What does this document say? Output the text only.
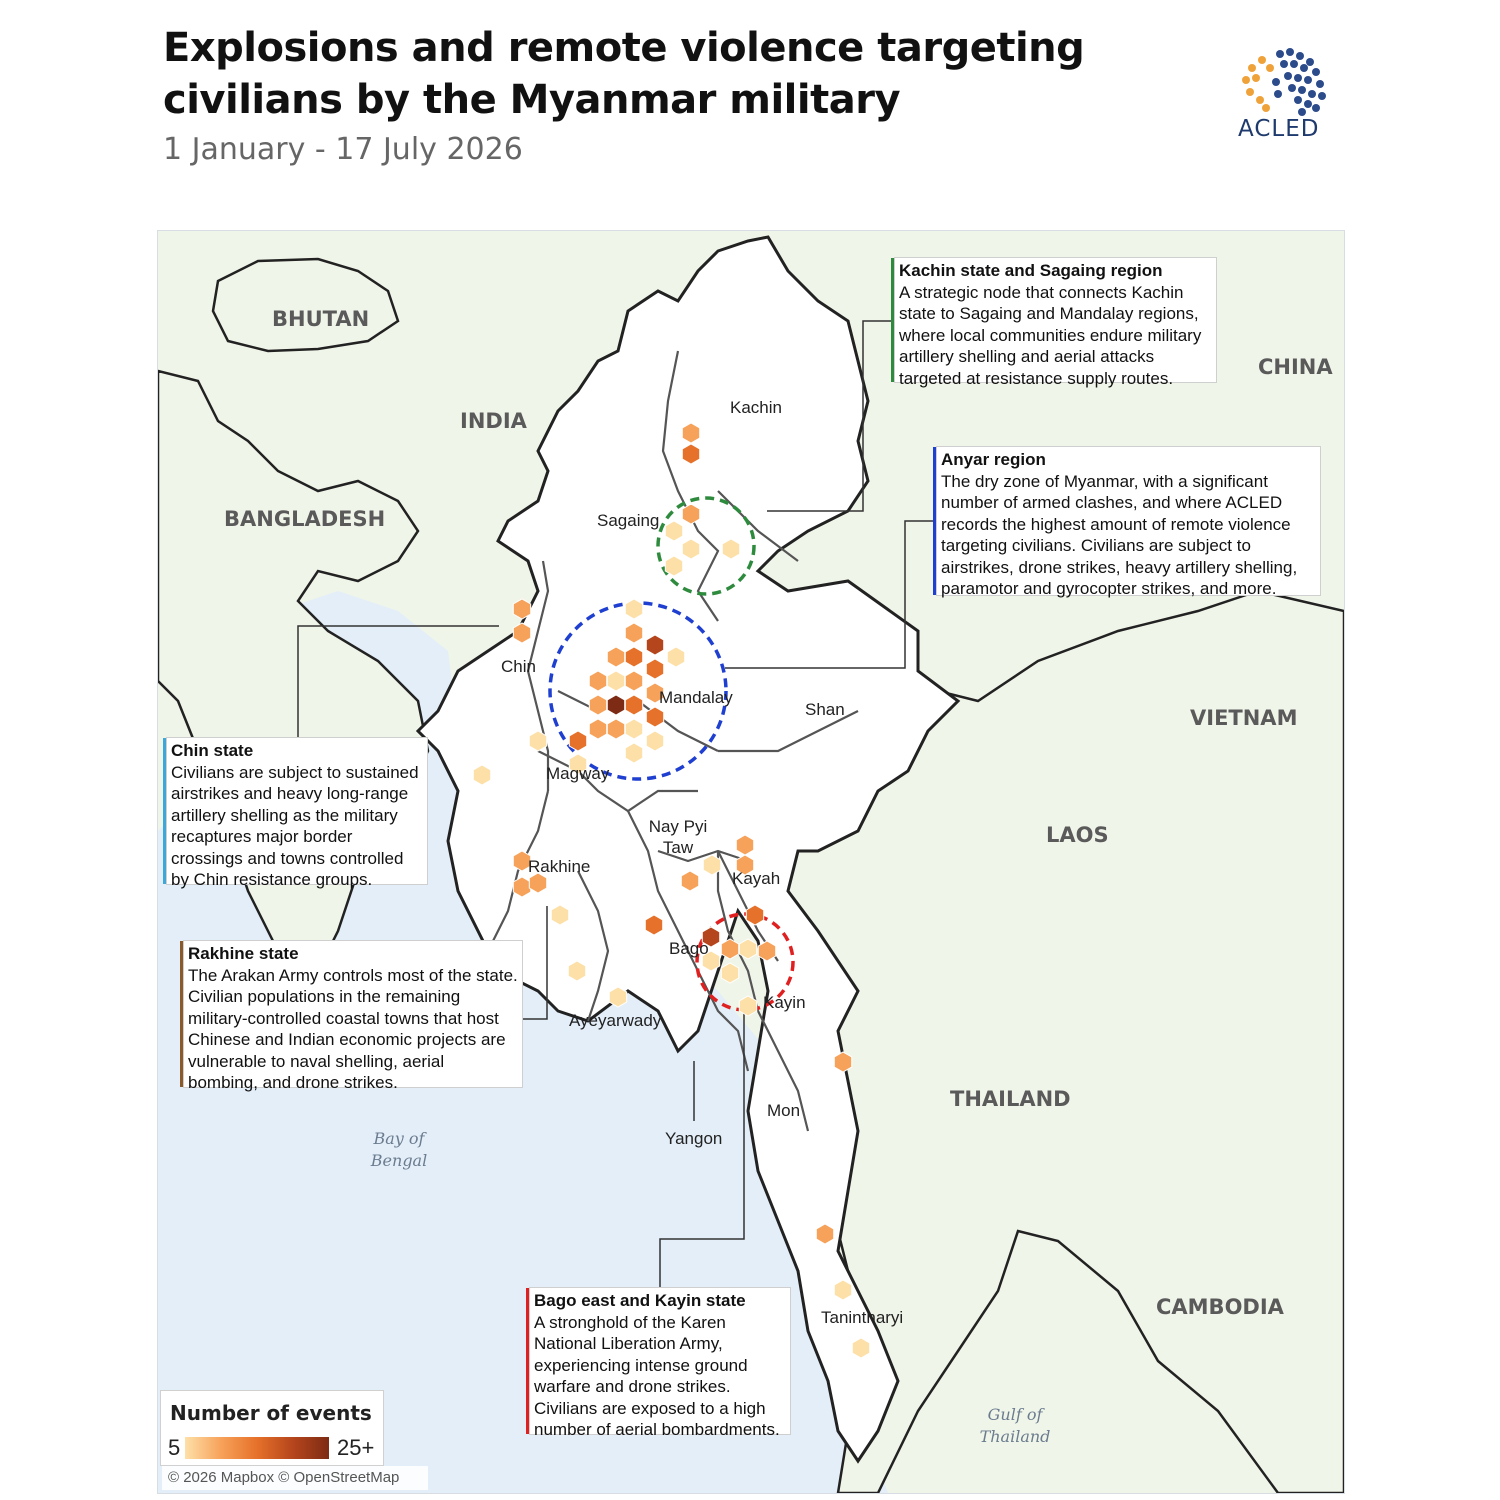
Explosions and remote violence targeting civilians by the Myanmar military
1 January - 17 July 2026
ACLED
BHUTAN
INDIA
BANGLADESH
CHINA
VIETNAM
LAOS
THAILAND
CAMBODIA
Kachin
Sagaing
Chin
Mandalay
Shan
Magway
Nay Pyi Taw
Rakhine
Kayah
Bago
Kayin
Ayeyarwady
Mon
Yangon
Tanintharyi
Bay of Bengal
Gulf of Thailand
Kachin state and Sagaing region
A strategic node that connects Kachin state to Sagaing and Mandalay regions, where local communities endure military artillery shelling and aerial attacks targeted at resistance supply routes.
Anyar region
The dry zone of Myanmar, with a significant number of armed clashes, and where ACLED records the highest amount of remote violence targeting civilians. Civilians are subject to airstrikes, drone strikes, heavy artillery shelling, paramotor and gyrocopter strikes, and more.
Chin state
Civilians are subject to sustained airstrikes and heavy long-range artillery shelling as the military recaptures major border crossings and towns controlled by Chin resistance groups.
Rakhine state
The Arakan Army controls most of the state. Civilian populations in the remaining military-controlled coastal towns that host Chinese and Indian economic projects are vulnerable to naval shelling, aerial bombing, and drone strikes.
Bago east and Kayin state
A stronghold of the Karen National Liberation Army, experiencing intense ground warfare and drone strikes. Civilians are exposed to a high number of aerial bombardments.
Number of events
5	25+
© 2026 Mapbox © OpenStreetMap
